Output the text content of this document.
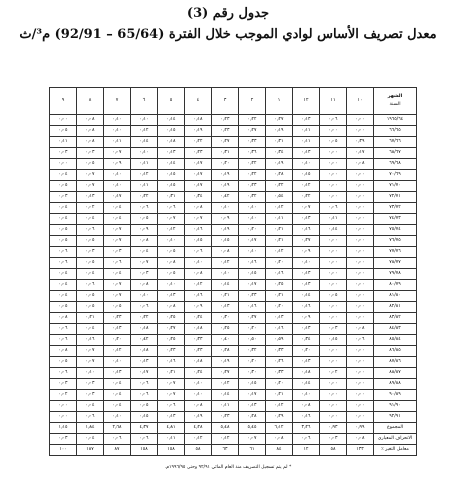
جدول رقم (3)
معدل تصريف الأساس لوادي الموجب خلال الفترة (65/64 – 92/91) م³/ث
الشهر
السنة	١٠	١١	١٢	١	٢	٣	٤	٥	٦	٧	٨	٩
١٩٦٥/٦٤	٠٫٠٠	٠٫٠٦	٠٫١٣	٠٫٢٧	٠٫٢٢	٠٫٢٣	٠٫١٨	٠٫١٤	٠٫١٠	٠٫١٠	٠٫٠٨	٠٫٠٠
٦٦/٦٥	٠٫٠٠	٠٫٠٠	٠٫١١	٠٫١٩	٠٫٢٧	٠٫٢٣	٠٫١٩	٠٫١٥	٠٫١٢	٠٫١٠	٠٫٠٨	٠٫٠٥
٦٧/٦٦	٠٫٣٩	٠٫٠٥	٠٫١١	٠٫٣١	٠٫٣٣	٠٫٢٧	٠٫٢٢	٠٫١٨	٠٫١٤	٠٫١١	٠٫٠٨	٠٫١١
٦٨/٦٧	٠٫١٧	٠٫٠٠	٠٫١٣	٠٫٣٤	٠٫٣٦	٠٫٣١	٠٫٢٣	٠٫١٣	٠٫١٠	٠٫٠٧	٠٫٠٣	٠٫٠٣
٦٩/٦٨	٠٫٠٨	٠٫٠٠	٠٫١٠	٠٫١٩	٠٫٢٢	٠٫٢٠	٠٫١٧	٠٫١٤	٠٫١١	٠٫٠٩	٠٫٠٥	٠٫٠٠
٧٠/٦٩	٠٫٠٠	٠٫٠٠	٠٫١٥	٠٫٢٨	٠٫٢٢	٠٫١٩	٠٫١٧	٠٫١٥	٠٫١٢	٠٫١٠	٠٫٠٧	٠٫٠٤
٧١/٧٠	٠٫٠٠	٠٫٠٠	٠٫١٢	٠٫٢٢	٠٫٢٣	٠٫١٩	٠٫١٧	٠٫١٥	٠٫١١	٠٫١٠	٠٫٠٧	٠٫٠٥
٧٢/٧١	٠٫٠٠	٠٫٠٠	٠٫٢٢	٠٫٥٤	٠٫٣٢	٠٫٤٢	٠٫٣٤	٠٫٣١	٠٫٢٢	٠٫١٧	٠٫١٣	٠٫٠٣
٧٣/٧٢	٠٫٠٠	٠٫٠٦	٠٫٠٧	٠٫١٢	٠٫١٠	٠٫١٠	٠٫٠٨	٠٫٠٦	٠٫٠٦	٠٫٠٤	٠٫٠٢	٠٫٠٤
٧٤/٧٣	٠٫٠٠	٠٫١١	٠٫١٣	٠٫١١	٠٫١٠	٠٫٠٩	٠٫٠٧	٠٫٠٧	٠٫٠٥	٠٫٠٤	٠٫٠٤	٠٫٠٤
٧٥/٧٤	٠٫٠٠	٠٫١٤	٠٫١٦	٠٫٢١	٠٫٢٠	٠٫١٩	٠٫١٦	٠٫١٢	٠٫٠٩	٠٫٠٧	٠٫٠٦	٠٫٠٥
٧٦/٧٥	٠٫٠٠	٠٫٠٠	٠٫٢٧	٠٫٢١	٠٫١٧	٠٫١٥	٠٫١٥	٠٫١٠	٠٫٠٨	٠٫٠٧	٠٫٠٥	٠٫٠٥
٧٧/٧٦	٠٫٠٠	٠٫٠٠	٠٫٠٩	٠٫١٢	٠٫١٠	٠٫٠٨	٠٫٠٦	٠٫٠٥	٠٫٠٤	٠٫٠٣	٠٫٠٣	٠٫٠٦
٧٨/٧٧	٠٫٠٠	٠٫٠٠	٠٫١٠	٠٫٢٠	٠٫١٦	٠٫١٢	٠٫١٠	٠٫٠٨	٠٫٠٧	٠٫٠٦	٠٫٠٥	٠٫٠٦
٧٩/٧٨	٠٫٠٠	٠٫٠٠	٠٫١٣	٠٫١٦	٠٫١٥	٠٫١٠	٠٫٠٨	٠٫٠٥	٠٫٠٣	٠٫٠٤	٠٫٠٤	٠٫٠٤
٨٠/٧٩	٠٫٠٠	٠٫٠٠	٠٫١٣	٠٫٢٥	٠٫١٧	٠٫١٤	٠٫١٢	٠٫١٠	٠٫٠٨	٠٫٠٧	٠٫٠٦	٠٫٠٤
٨١/٨٠	٠٫٠٠	٠٫٠٥	٠٫١٤	٠٫٢١	٠٫٢٣	٠٫٢١	٠٫١٦	٠٫١٣	٠٫١٠	٠٫٠٧	٠٫٠٥	٠٫٠٤
٨٢/٨١	٠٫٠٠	٠٫٠٠	٠٫١٦	٠٫٢٠	٠٫١٦	٠٫١٣	٠٫٠٩	٠٫٠٨	٠٫٠٦	٠٫٠٥	٠٫٠٥	٠٫٠٥
٨٣/٨٢	٠٫٠٠	٠٫٠٠	٠٫٠٩	٠٫١٣	٠٫٢٧	٠٫٣٠	٠٫٢٤	٠٫٢٥	٠٫٢٢	٠٫٢٣	٠٫٢١	٠٫٠٨
٨٤/٨٣	٠٫٠٨	٠٫٠٣	٠٫١٣	٠٫١٦	٠٫٢٠	٠٫٢٥	٠٫١٨	٠٫٢٧	٠٫١٨	٠٫١٣	٠٫٠٤	٠٫٠٦
٨٥/٨٤	٠٫٠٦	٠٫١٥	٠٫٣٤	٠٫٥٩	٠٫٥٠	٠٫٤٠	٠٫٣٣	٠٫٢٥	٠٫٤٢	٠٫٢٠	٠٫١٦	٠٫٠٦
٨٦/٨٥	٠٫٠٠	٠٫٠٠	٠٫٢٠	٠٫٣٣	٠٫٣٢	٠٫٢٨	٠٫٢٣	٠٫٢٣	٠٫١٨	٠٫١٢	٠٫٠٧	٠٫٠٨
٨٧/٨٦	٠٫٠٠	٠٫٠٠	٠٫١٣	٠٫٢٦	٠٫٢٠	٠٫١٩	٠٫١٨	٠٫١٦	٠٫١٣	٠٫١٠	٠٫٠٧	٠٫٠٥
٨٨/٨٧	٠٫٠٠	٠٫٠٢	٠٫١٨	٠٫٣٣	٠٫٣٠	٠٫٢٧	٠٫٢٤	٠٫٢١	٠٫١٧	٠٫١٣	٠٫١٠	٠٫٠٦
٨٩/٨٨	٠٫٠٠	٠٫٠٠	٠٫١٤	٠٫٢٠	٠٫١٥	٠٫١٢	٠٫١٠	٠٫٠٧	٠٫٠٦	٠٫٠٤	٠٫٠٣	٠٫٠٣
٩٠/٨٩	٠٫٠٠	٠٫٠٠	٠٫١٠	٠٫٢١	٠٫١٧	٠٫١٤	٠٫١٠	٠٫٠٧	٠٫٠٦	٠٫٠٤	٠٫٠٣	٠٫٠٢
٩١/٩٠	٠٫٠٠	٠٫٠٠	٠٫٠٨	٠٫١٢	٠٫١٣	٠٫١١	٠٫٠٨	٠٫٠٦	٠٫٠٥	٠٫٠٤	٠٫٠٤	٠٫٠٠
٩٢/٩١	٠٫٠٠	٠٫٠٠	٠٫١٦	٠٫٢٩	٠٫٢٨	٠٫٢٣	٠٫١٩	٠٫١٣	٠٫١٥	٠٫١٠	٠٫٠٦	٠٫٠٠
المجموع	٠٫٩٩	٠٫٩٣	٣٫٢٦	٦٫١٢	٥٫٤٥	٥٫٤٨	٤٫٢٨	٤٫٨١	٤٫٣٧	٢٫٦٨	١٫٨٤	١٫١٥
الانحراف المعياري	٠٫٠٨	٠٫٠٣	٠٫٠٦	٠٫٠٨	٠٫٠٧	٠٫١٢	٠٫١٢	٠٫١١	٠٫٠٦	٠٫٠٦	٠٫٠٤	٠٫٠٣
معامل التغير ٪	١٣٣	٥٨	١٢	٨٤	٦١	٦٣	٥٨	١٥٨	١٥٨	٨٧	١٨٧	١٠٠
* لم يتم تسجيل التصريف منذ العام المائي ٩٢/٩١ وحتى ١٩٩٦/٩٥م.
